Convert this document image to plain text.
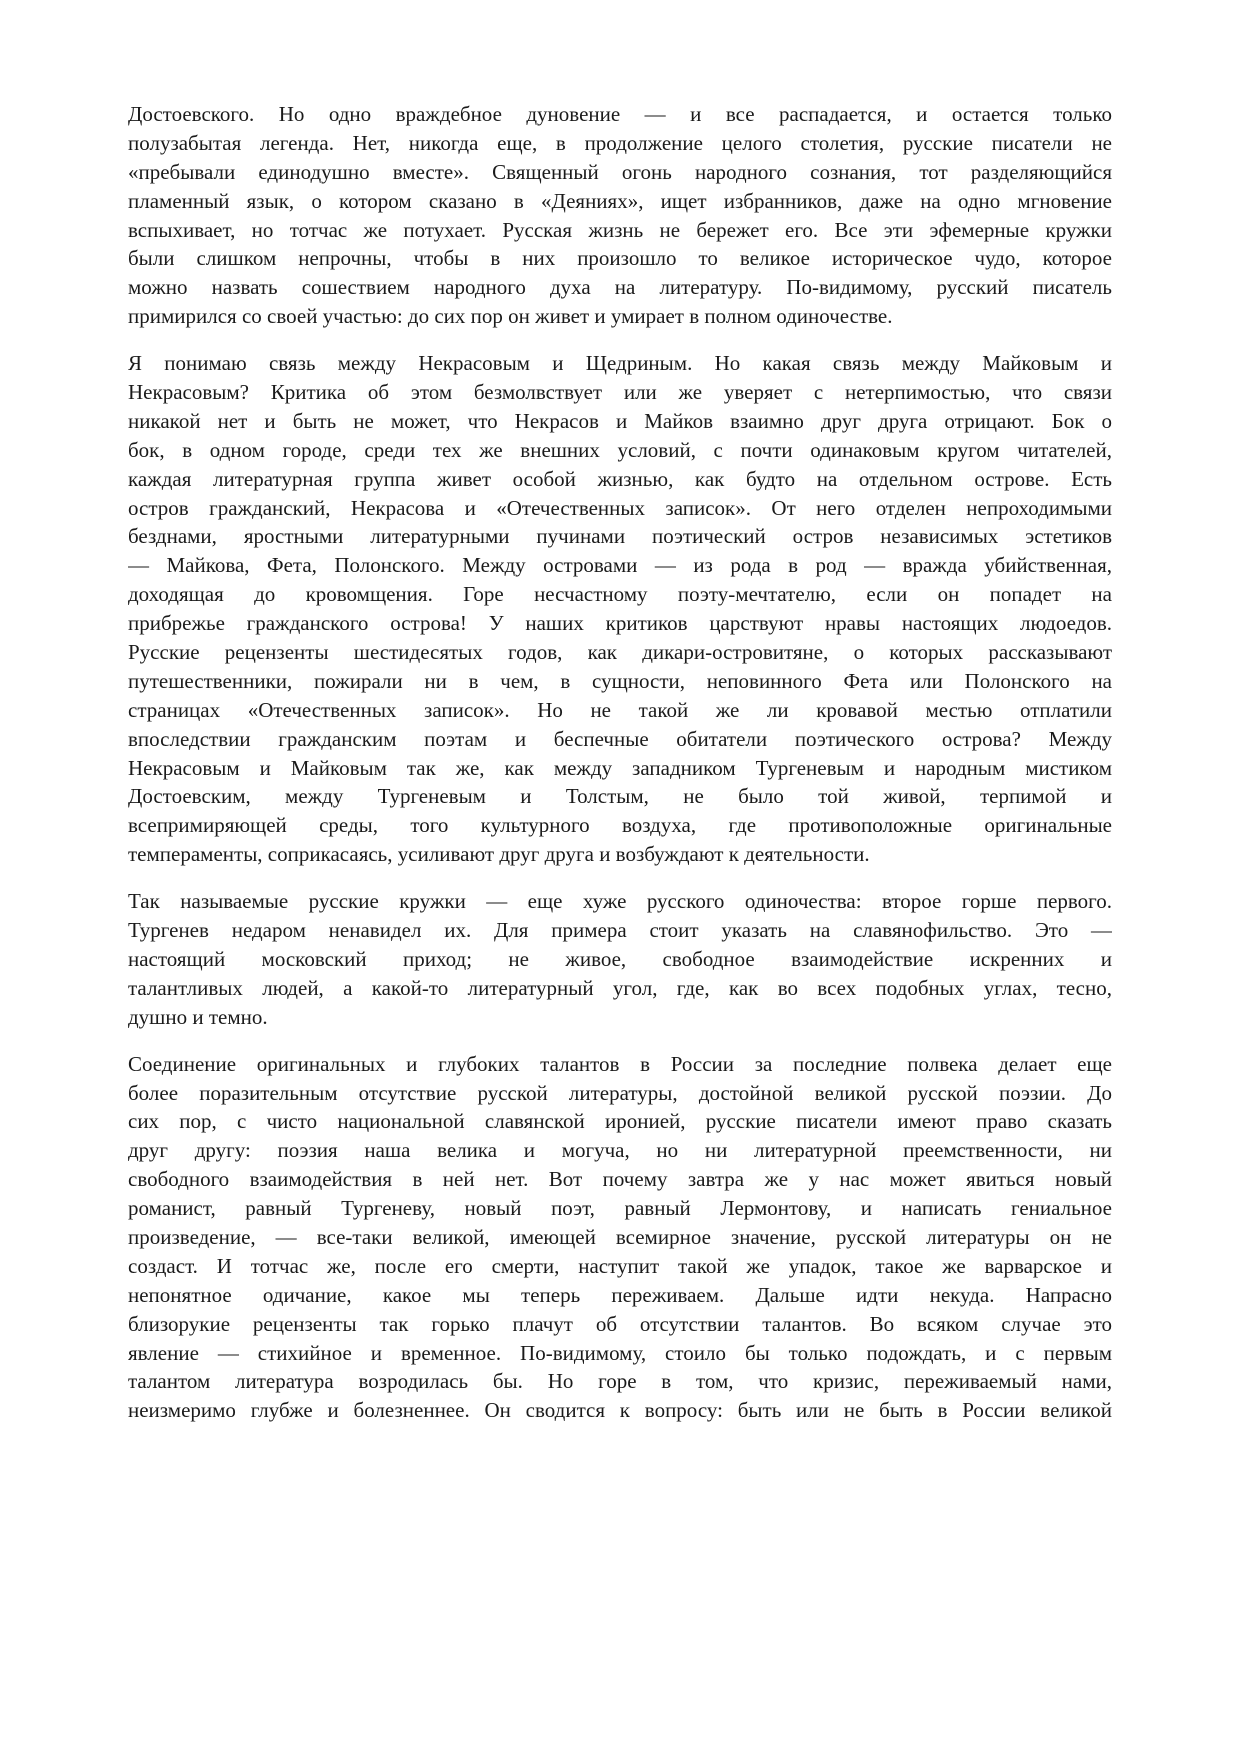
Достоевского. Но одно враждебное дуновение — и все распадается, и остается только
полузабытая легенда. Нет, никогда еще, в продолжение целого столетия, русские писатели не
«пребывали единодушно вместе». Священный огонь народного сознания, тот разделяющийся
пламенный язык, о котором сказано в «Деяниях», ищет избранников, даже на одно мгновение
вспыхивает, но тотчас же потухает. Русская жизнь не бережет его. Все эти эфемерные кружки
были слишком непрочны, чтобы в них произошло то великое историческое чудо, которое
можно назвать сошествием народного духа на литературу. По-видимому, русский писатель
примирился со своей участью: до сих пор он живет и умирает в полном одиночестве.
Я понимаю связь между Некрасовым и Щедриным. Но какая связь между Майковым и
Некрасовым? Критика об этом безмолвствует или же уверяет с нетерпимостью, что связи
никакой нет и быть не может, что Некрасов и Майков взаимно друг друга отрицают. Бок о
бок, в одном городе, среди тех же внешних условий, с почти одинаковым кругом читателей,
каждая литературная группа живет особой жизнью, как будто на отдельном острове. Есть
остров гражданский, Некрасова и «Отечественных записок». От него отделен непроходимыми
безднами, яростными литературными пучинами поэтический остров независимых эстетиков
— Майкова, Фета, Полонского. Между островами — из рода в род — вражда убийственная,
доходящая до кровомщения. Горе несчастному поэту-мечтателю, если он попадет на
прибрежье гражданского острова! У наших критиков царствуют нравы настоящих людоедов.
Русские рецензенты шестидесятых годов, как дикари-островитяне, о которых рассказывают
путешественники, пожирали ни в чем, в сущности, неповинного Фета или Полонского на
страницах «Отечественных записок». Но не такой же ли кровавой местью отплатили
впоследствии гражданским поэтам и беспечные обитатели поэтического острова? Между
Некрасовым и Майковым так же, как между западником Тургеневым и народным мистиком
Достоевским, между Тургеневым и Толстым, не было той живой, терпимой и
всепримиряющей среды, того культурного воздуха, где противоположные оригинальные
темпераменты, соприкасаясь, усиливают друг друга и возбуждают к деятельности.
Так называемые русские кружки — еще хуже русского одиночества: второе горше первого.
Тургенев недаром ненавидел их. Для примера стоит указать на славянофильство. Это —
настоящий московский приход; не живое, свободное взаимодействие искренних и
талантливых людей, а какой-то литературный угол, где, как во всех подобных углах, тесно,
душно и темно.
Соединение оригинальных и глубоких талантов в России за последние полвека делает еще
более поразительным отсутствие русской литературы, достойной великой русской поэзии. До
сих пор, с чисто национальной славянской иронией, русские писатели имеют право сказать
друг другу: поэзия наша велика и могуча, но ни литературной преемственности, ни
свободного взаимодействия в ней нет. Вот почему завтра же у нас может явиться новый
романист, равный Тургеневу, новый поэт, равный Лермонтову, и написать гениальное
произведение, — все-таки великой, имеющей всемирное значение, русской литературы он не
создаст. И тотчас же, после его смерти, наступит такой же упадок, такое же варварское и
непонятное одичание, какое мы теперь переживаем. Дальше идти некуда. Напрасно
близорукие рецензенты так горько плачут об отсутствии талантов. Во всяком случае это
явление — стихийное и временное. По-видимому, стоило бы только подождать, и с первым
талантом литература возродилась бы. Но горе в том, что кризис, переживаемый нами,
неизмеримо глубже и болезненнее. Он сводится к вопросу: быть или не быть в России великой
